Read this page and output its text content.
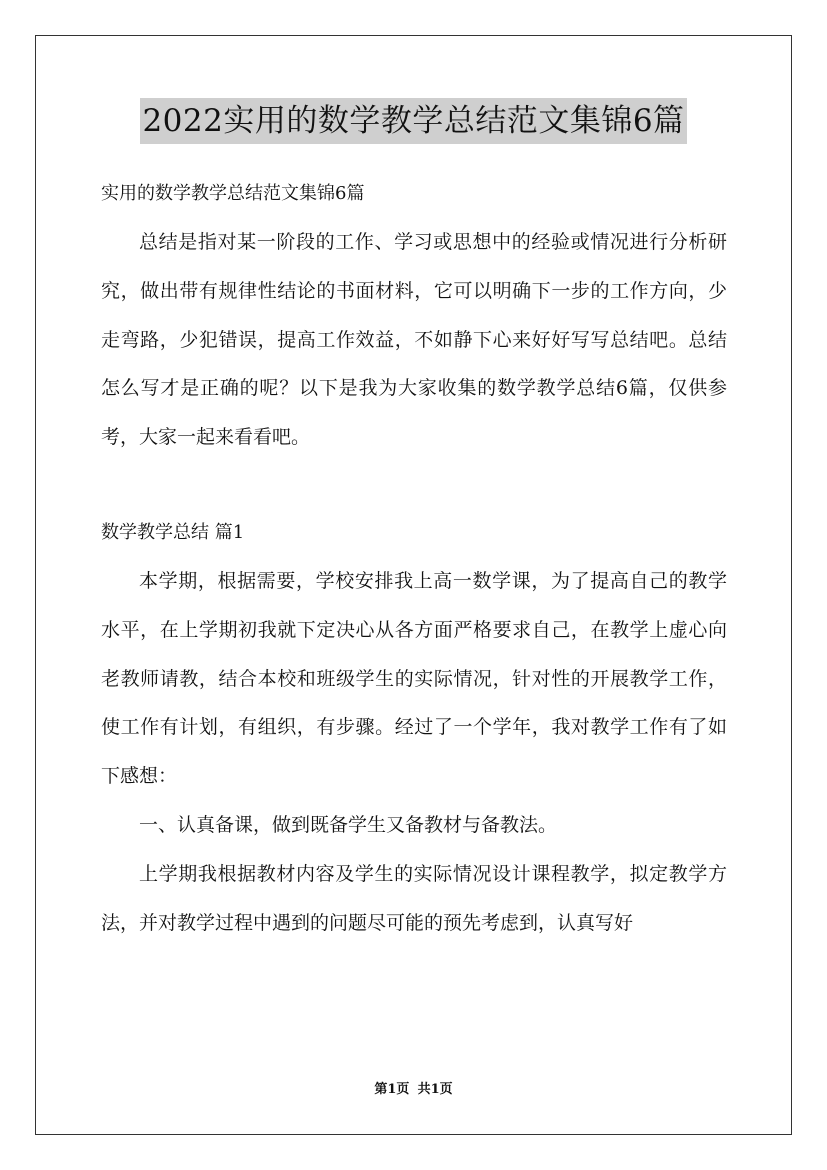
2022实用的数学教学总结范文集锦6篇

实用的数学教学总结范文集锦6篇

总结是指对某一阶段的工作、学习或思想中的经验或情况进行分析研究，做出带有规律性结论的书面材料，它可以明确下一步的工作方向，少走弯路，少犯错误，提高工作效益，不如静下心来好好写写总结吧。总结怎么写才是正确的呢？以下是我为大家收集的数学教学总结6篇，仅供参考，大家一起来看看吧。

数学教学总结 篇1

本学期，根据需要，学校安排我上高一数学课，为了提高自己的教学水平，在上学期初我就下定决心从各方面严格要求自己，在教学上虚心向老教师请教，结合本校和班级学生的实际情况，针对性的开展教学工作，使工作有计划，有组织，有步骤。经过了一个学年，我对教学工作有了如下感想：

一、认真备课，做到既备学生又备教材与备教法。

上学期我根据教材内容及学生的实际情况设计课程教学，拟定教学方法，并对教学过程中遇到的问题尽可能的预先考虑到，认真写好

第1页 共1页
